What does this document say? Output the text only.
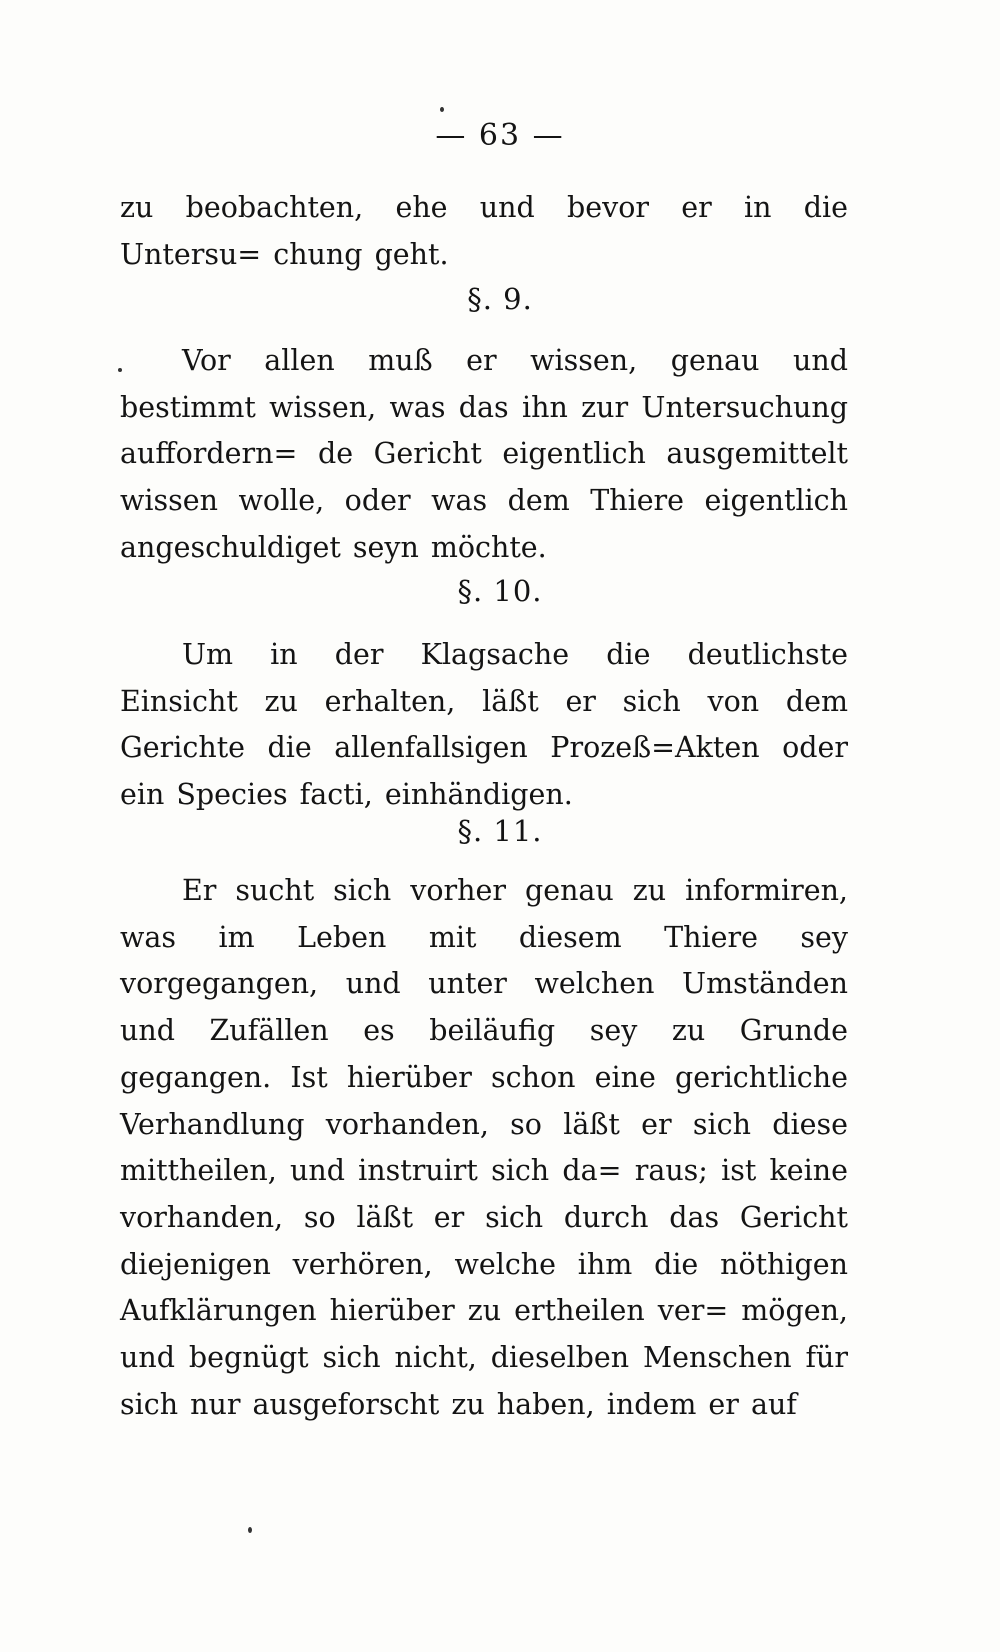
— 63 —
zu beobachten, ehe und bevor er in die Untersu= chung geht.
§. 9.
Vor allen muß er wissen, genau und bestimmt wissen, was das ihn zur Untersuchung auffordern= de Gericht eigentlich ausgemittelt wissen wolle, oder was dem Thiere eigentlich angeschuldiget seyn möchte.
§. 10.
Um in der Klagsache die deutlichste Einsicht zu erhalten, läßt er sich von dem Gerichte die allenfallsigen Prozeß=Akten oder ein Species facti, einhändigen.
§. 11.
Er sucht sich vorher genau zu informiren, was im Leben mit diesem Thiere sey vorgegangen, und unter welchen Umständen und Zufällen es beiläufig sey zu Grunde gegangen. Ist hierüber schon eine gerichtliche Verhandlung vorhanden, so läßt er sich diese mittheilen, und instruirt sich da= raus; ist keine vorhanden, so läßt er sich durch das Gericht diejenigen verhören, welche ihm die nöthigen Aufklärungen hierüber zu ertheilen ver= mögen, und begnügt sich nicht, dieselben Menschen für sich nur ausgeforscht zu haben, indem er auf
